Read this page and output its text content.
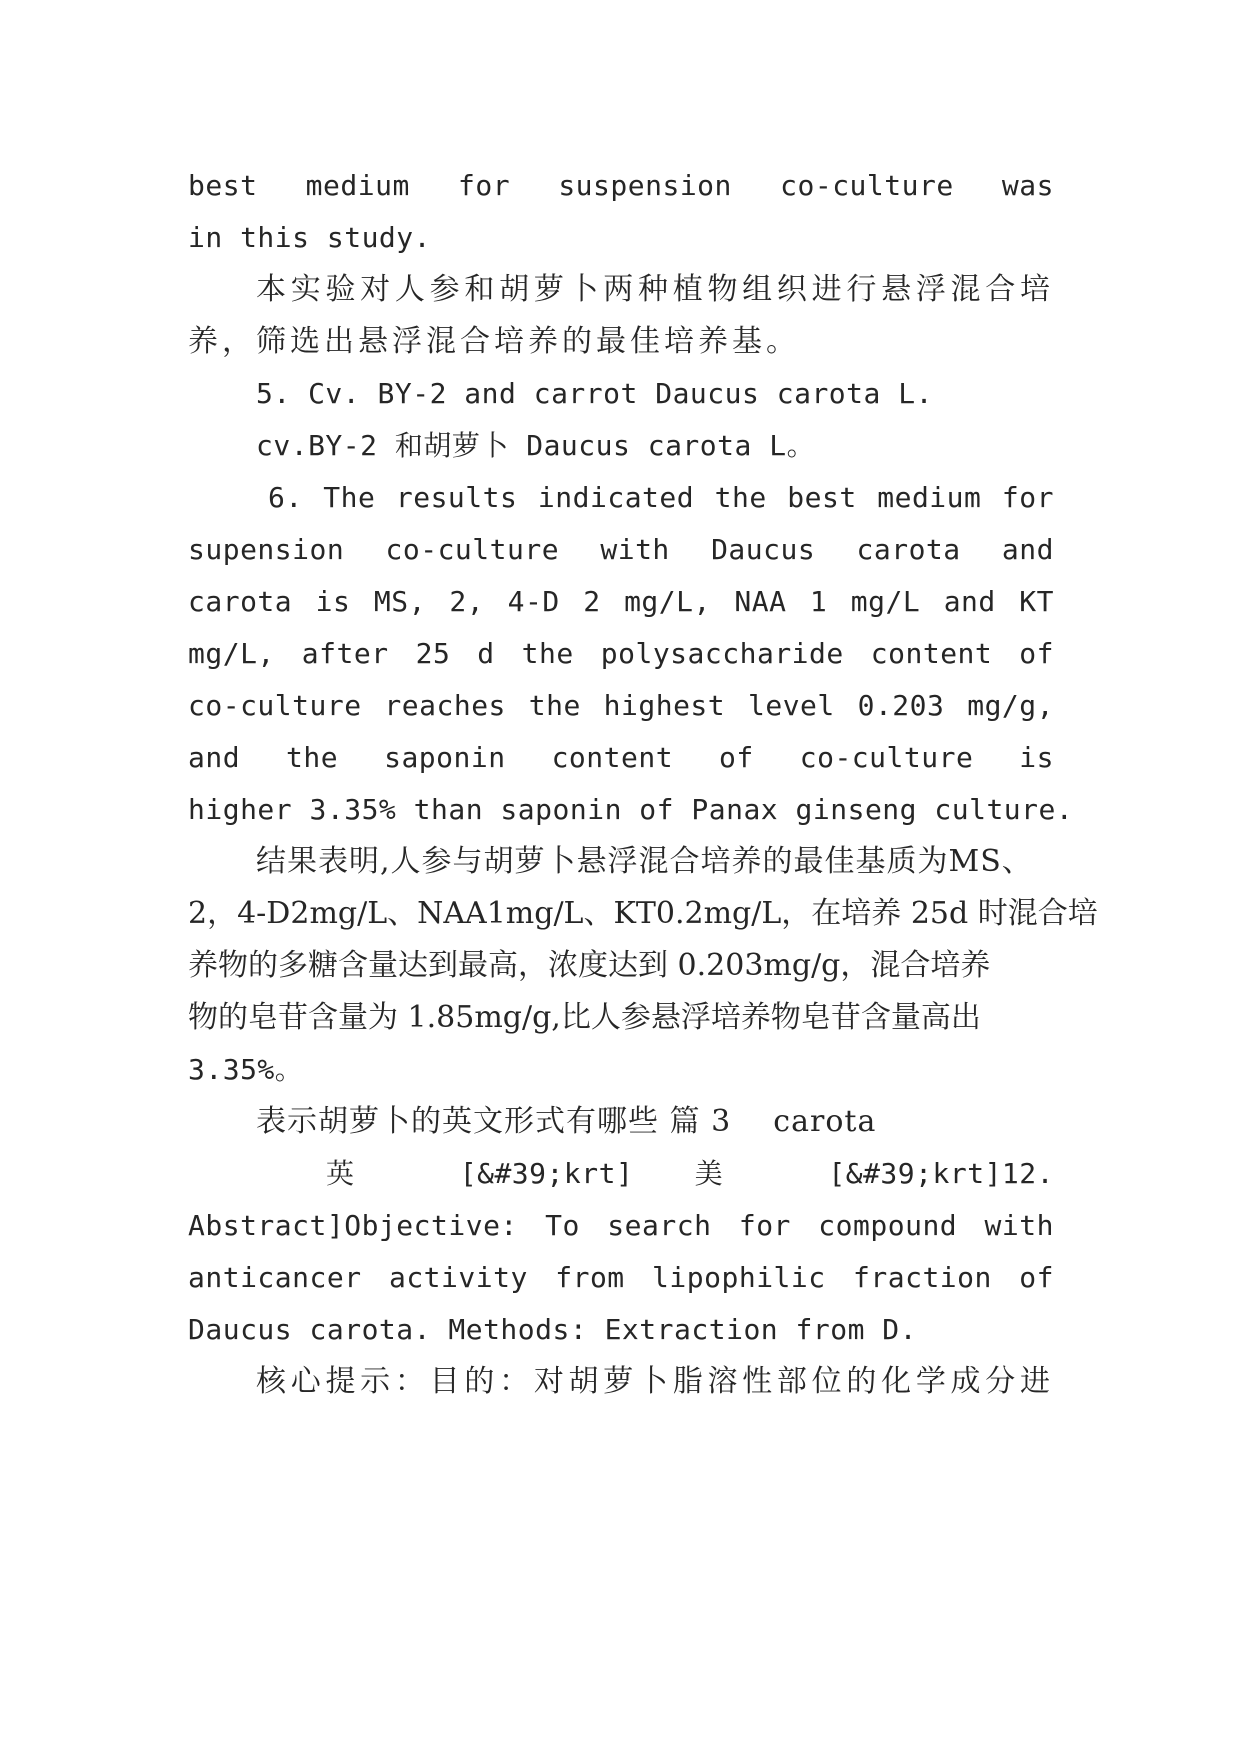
best medium for suspension co-culture was
in this study.
本实验对人参和胡萝卜两种植物组织进行悬浮混合培
养，筛选出悬浮混合培养的最佳培养基。
5. Cv. BY-2 and carrot Daucus carota L.
cv.BY-2 和胡萝卜 Daucus carota L。
6. The results indicated the best medium for
supension co-culture with Daucus carota and
carota is MS, 2, 4-D 2 mg/L, NAA 1 mg/L and KT
mg/L, after 25 d the polysaccharide content of
co-culture reaches the highest level 0.203 mg/g,
and the saponin content of co-culture is
higher 3.35% than saponin of Panax ginseng culture.
结果表明,人参与胡萝卜悬浮混合培养的最佳基质为MS、
2，4-D2mg/L、NAA1mg/L、KT0.2mg/L，在培养 25d 时混合培
养物的多糖含量达到最高，浓度达到 0.203mg/g，混合培养
物的皂苷含量为 1.85mg/g,比人参悬浮培养物皂苷含量高出
3.35%。
表示胡萝卜的英文形式有哪些 篇 3    carota
英 [&#39;krt] 美 [&#39;krt]12.
Abstract]Objective: To search for compound with
anticancer activity from lipophilic fraction of
Daucus carota. Methods: Extraction from D.
核心提示：目的：对胡萝卜脂溶性部位的化学成分进
